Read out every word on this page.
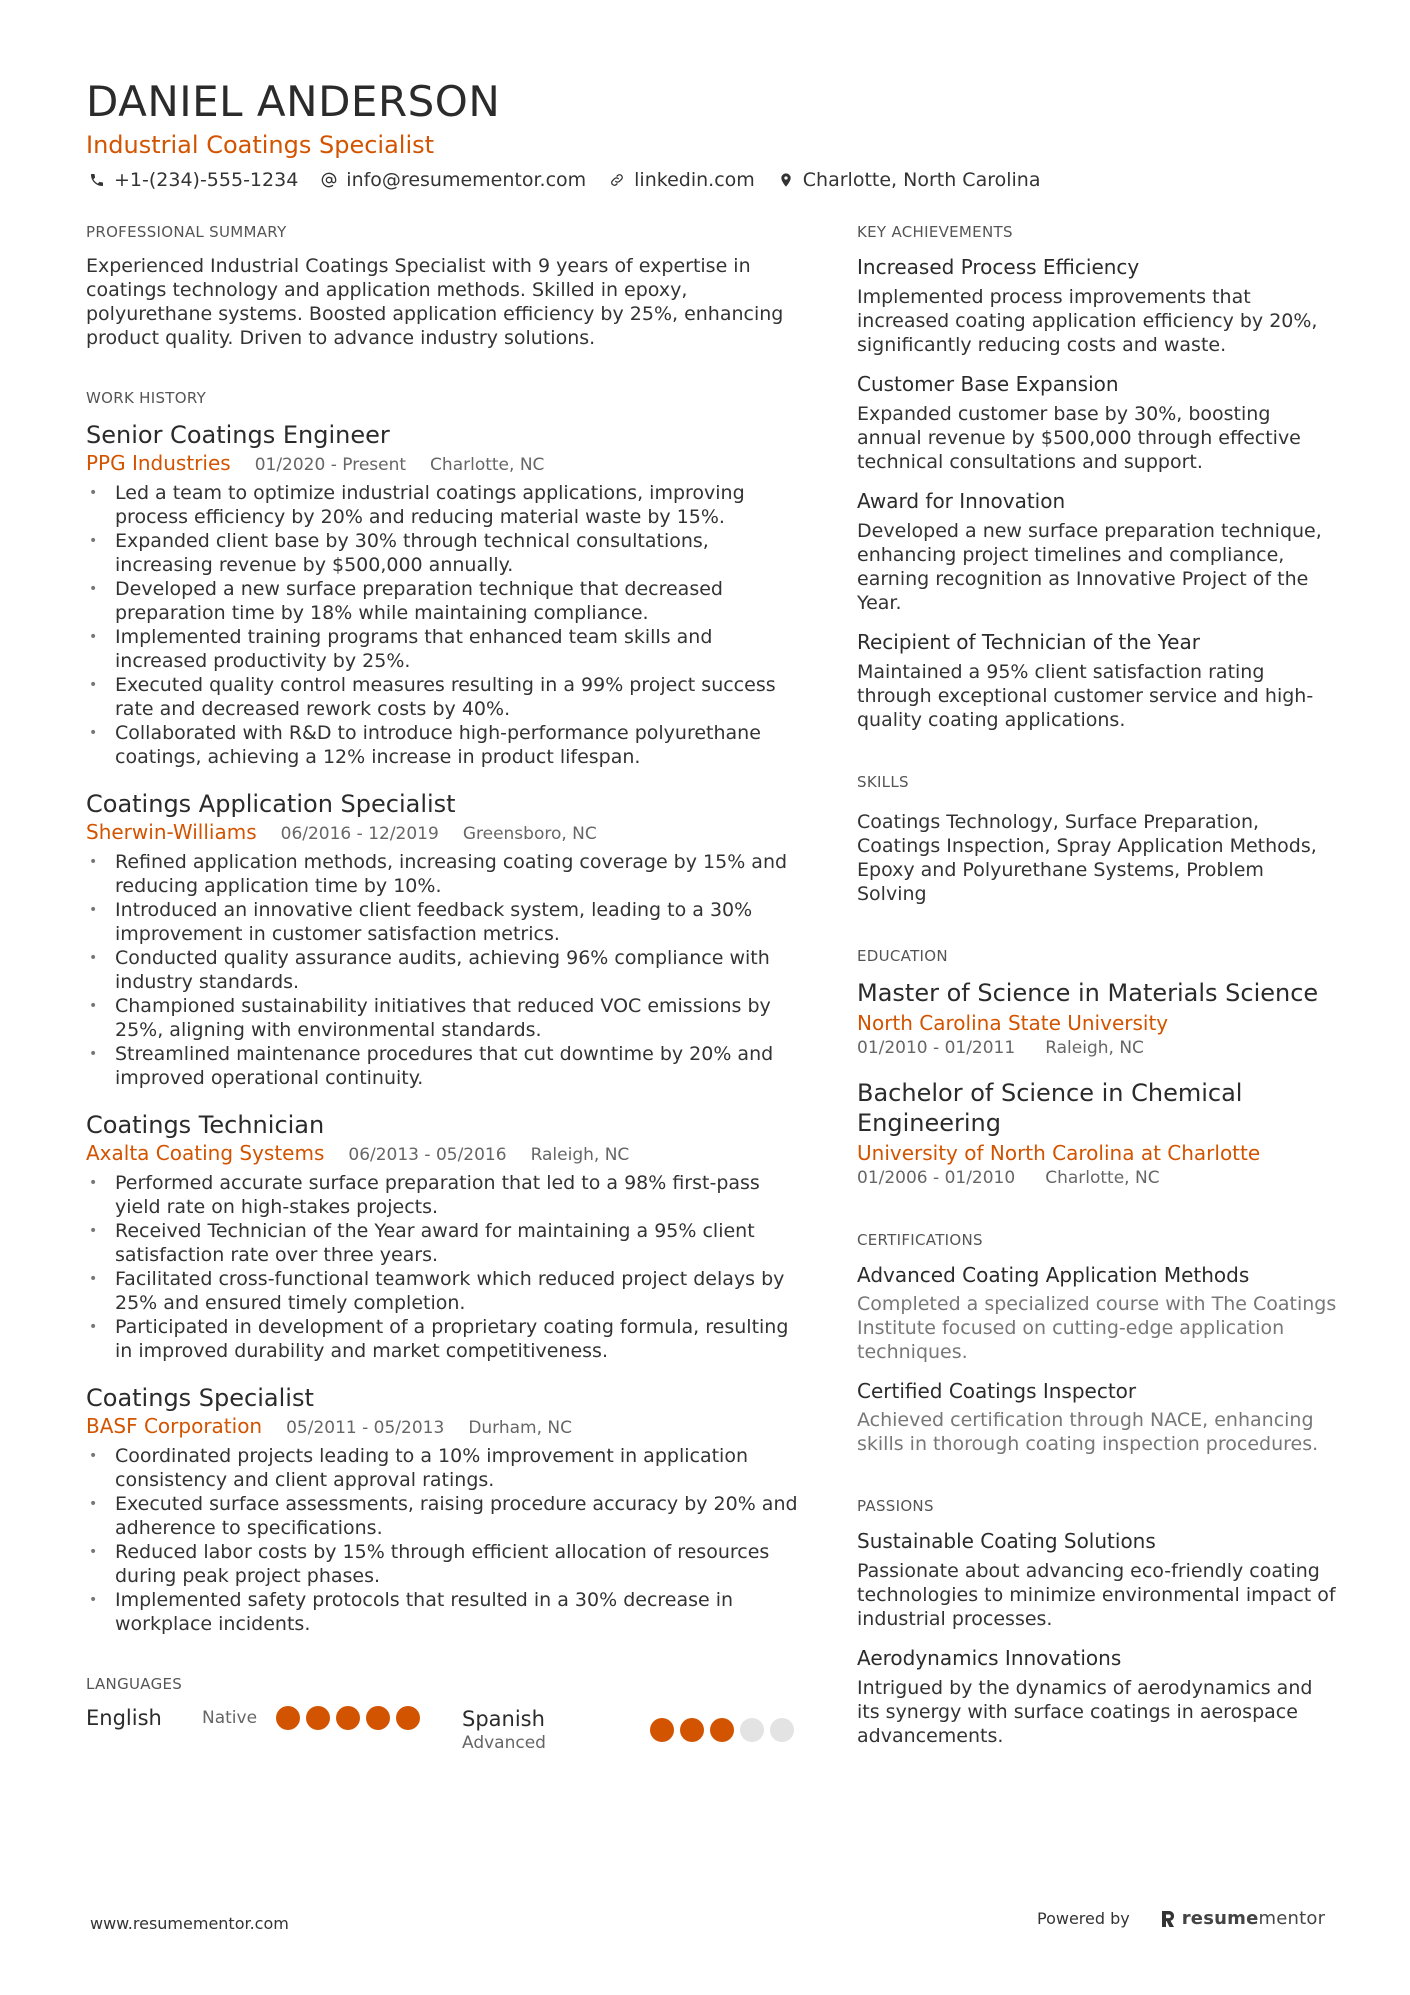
DANIEL ANDERSON
Industrial Coatings Specialist
+1-(234)-555-1234	info@resumementor.com	linkedin.com	Charlotte, North Carolina
PROFESSIONAL SUMMARY
Experienced Industrial Coatings Specialist with 9 years of expertise in coatings technology and application methods. Skilled in epoxy, polyurethane systems. Boosted application efficiency by 25%, enhancing product quality. Driven to advance industry solutions.
WORK HISTORY
Senior Coatings Engineer
PPG Industries 01/2020 - Present Charlotte, NC
• Led a team to optimize industrial coatings applications, improving process efficiency by 20% and reducing material waste by 15%.
• Expanded client base by 30% through technical consultations, increasing revenue by $500,000 annually.
• Developed a new surface preparation technique that decreased preparation time by 18% while maintaining compliance.
• Implemented training programs that enhanced team skills and increased productivity by 25%.
• Executed quality control measures resulting in a 99% project success rate and decreased rework costs by 40%.
• Collaborated with R&D to introduce high-performance polyurethane coatings, achieving a 12% increase in product lifespan.
Coatings Application Specialist
Sherwin-Williams 06/2016 - 12/2019 Greensboro, NC
• Refined application methods, increasing coating coverage by 15% and reducing application time by 10%.
• Introduced an innovative client feedback system, leading to a 30% improvement in customer satisfaction metrics.
• Conducted quality assurance audits, achieving 96% compliance with industry standards.
• Championed sustainability initiatives that reduced VOC emissions by 25%, aligning with environmental standards.
• Streamlined maintenance procedures that cut downtime by 20% and improved operational continuity.
Coatings Technician
Axalta Coating Systems 06/2013 - 05/2016 Raleigh, NC
• Performed accurate surface preparation that led to a 98% first-pass yield rate on high-stakes projects.
• Received Technician of the Year award for maintaining a 95% client satisfaction rate over three years.
• Facilitated cross-functional teamwork which reduced project delays by 25% and ensured timely completion.
• Participated in development of a proprietary coating formula, resulting in improved durability and market competitiveness.
Coatings Specialist
BASF Corporation 05/2011 - 05/2013 Durham, NC
• Coordinated projects leading to a 10% improvement in application consistency and client approval ratings.
• Executed surface assessments, raising procedure accuracy by 20% and adherence to specifications.
• Reduced labor costs by 15% through efficient allocation of resources during peak project phases.
• Implemented safety protocols that resulted in a 30% decrease in workplace incidents.
LANGUAGES
English	Native	Spanish
Advanced
KEY ACHIEVEMENTS
Increased Process Efficiency
Implemented process improvements that increased coating application efficiency by 20%, significantly reducing costs and waste.
Customer Base Expansion
Expanded customer base by 30%, boosting annual revenue by $500,000 through effective technical consultations and support.
Award for Innovation
Developed a new surface preparation technique, enhancing project timelines and compliance, earning recognition as Innovative Project of the Year.
Recipient of Technician of the Year
Maintained a 95% client satisfaction rating through exceptional customer service and high-quality coating applications.
SKILLS
Coatings Technology, Surface Preparation, Coatings Inspection, Spray Application Methods, Epoxy and Polyurethane Systems, Problem Solving
EDUCATION
Master of Science in Materials Science
North Carolina State University
01/2010 - 01/2011 Raleigh, NC
Bachelor of Science in Chemical Engineering
University of North Carolina at Charlotte
01/2006 - 01/2010 Charlotte, NC
CERTIFICATIONS
Advanced Coating Application Methods
Completed a specialized course with The Coatings Institute focused on cutting-edge application techniques.
Certified Coatings Inspector
Achieved certification through NACE, enhancing skills in thorough coating inspection procedures.
PASSIONS
Sustainable Coating Solutions
Passionate about advancing eco-friendly coating technologies to minimize environmental impact of industrial processes.
Aerodynamics Innovations
Intrigued by the dynamics of aerodynamics and its synergy with surface coatings in aerospace advancements.
www.resumementor.com	Powered by	resume mentor
